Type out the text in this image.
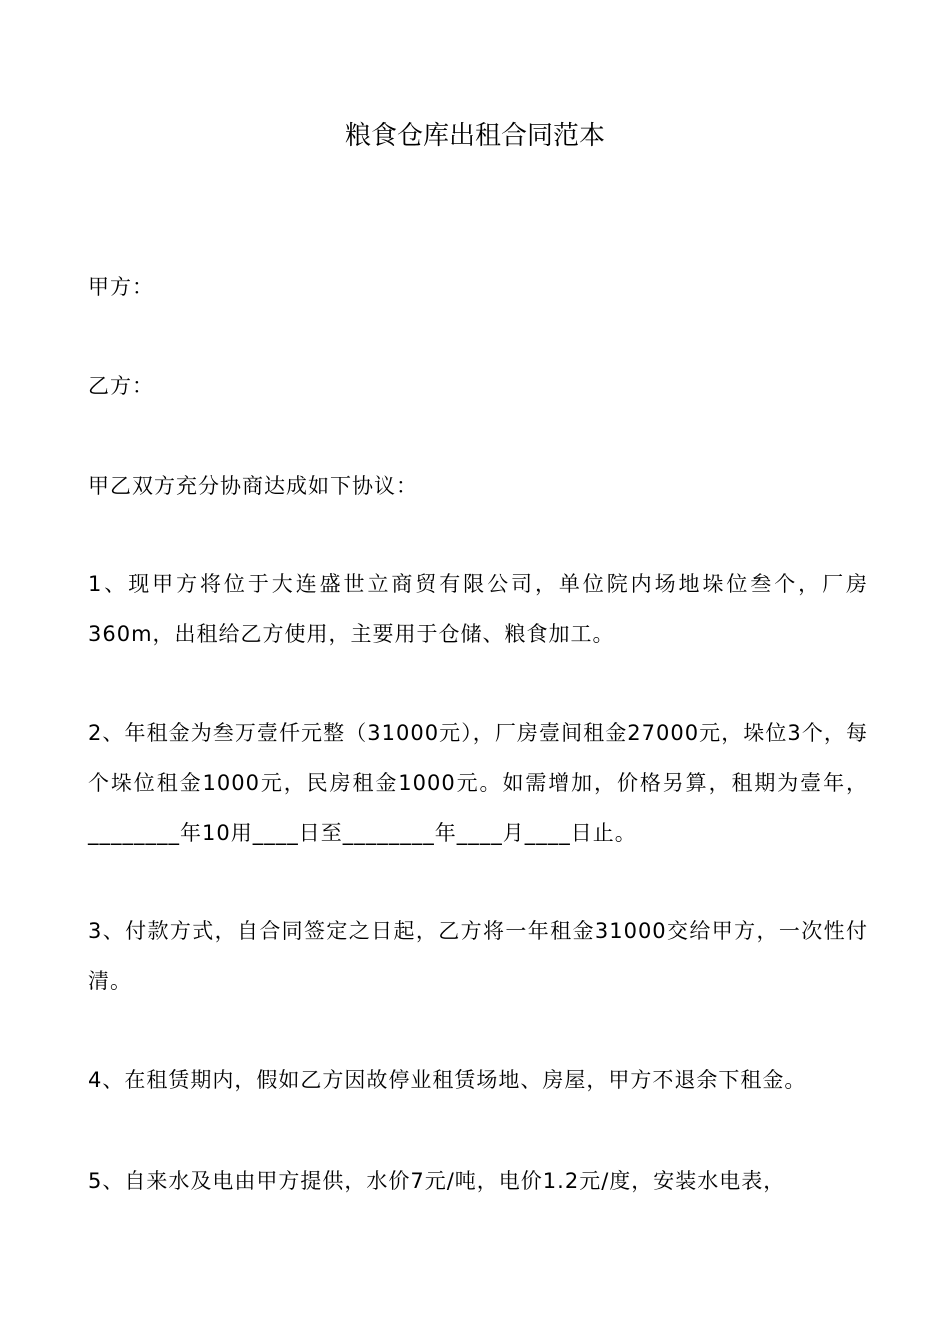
粮食仓库出租合同范本

甲方：

乙方：

甲乙双方充分协商达成如下协议：

1、现甲方将位于大连盛世立商贸有限公司，单位院内场地垛位叁个，厂房360m，出租给乙方使用，主要用于仓储、粮食加工。

2、年租金为叁万壹仟元整（31000元），厂房壹间租金27000元，垛位3个，每个垛位租金1000元，民房租金1000元。如需增加，价格另算，租期为壹年，________年10用____日至________年____月____日止。

3、付款方式，自合同签定之日起，乙方将一年租金31000交给甲方，一次性付清。

4、在租赁期内，假如乙方因故停业租赁场地、房屋，甲方不退余下租金。

5、自来水及电由甲方提供，水价7元/吨，电价1.2元/度，安装水电表，
